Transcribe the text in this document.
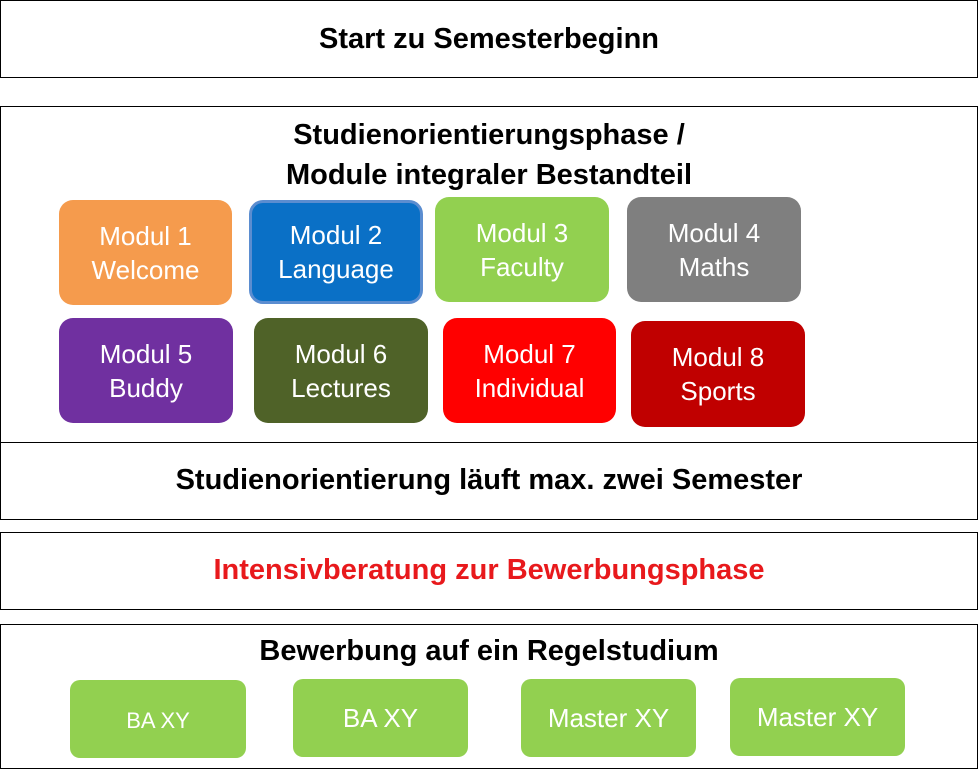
Start zu Semesterbeginn
Studienorientierungsphase /
Module integraler Bestandteil
Modul 1
Welcome
Modul 2
Language
Modul 3
Faculty
Modul 4
Maths
Modul 5
Buddy
Modul 6
Lectures
Modul 7
Individual
Modul 8
Sports
Studienorientierung läuft max. zwei Semester
Intensivberatung zur Bewerbungsphase
Bewerbung auf ein Regelstudium
BA XY	BA XY	Master XY	Master XY
